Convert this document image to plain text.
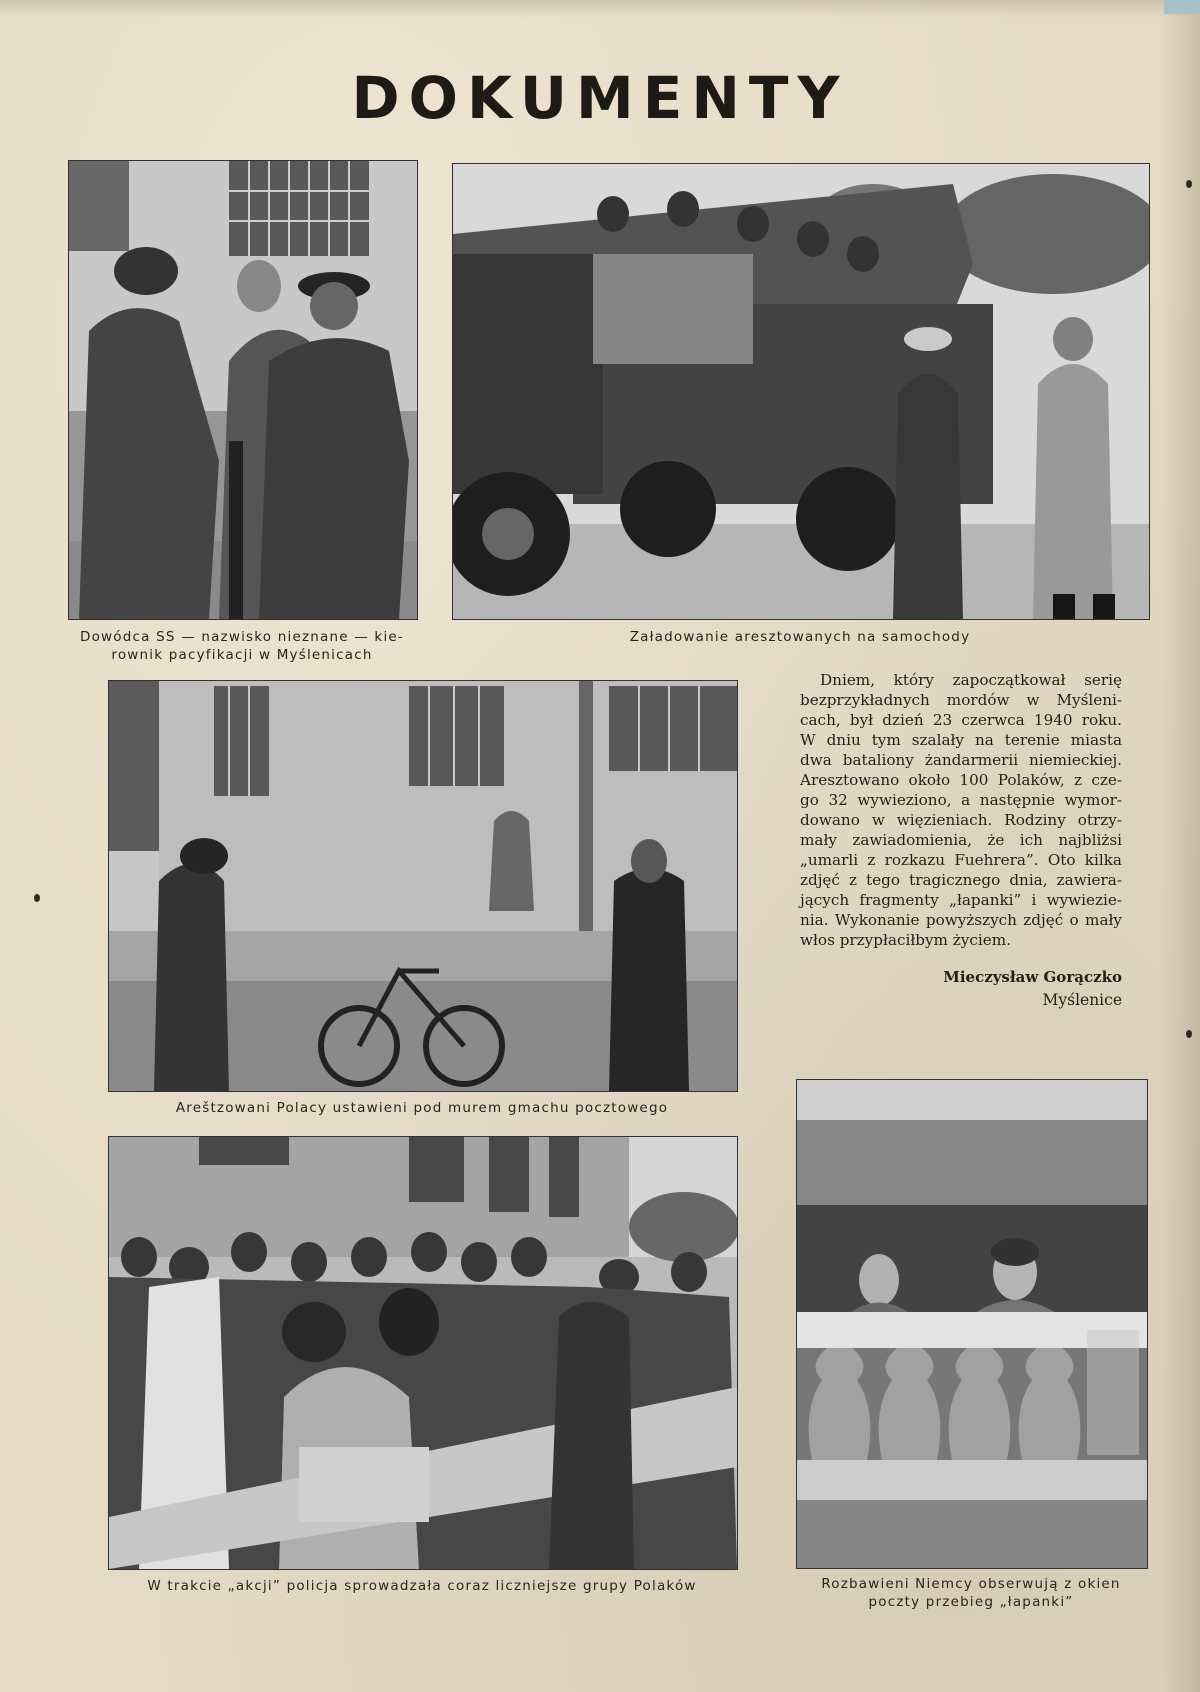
DOKUMENTY
Dowódca SS — nazwisko nieznane — kie-
rownik pacyfikacji w Myślenicach
Załadowanie aresztowanych na samochody
Areštzowani Polacy ustawieni pod murem gmachu pocztowego
Dniem, który zapoczątkował serię
bezprzykładnych mordów w Myśleni-
cach, był dzień 23 czerwca 1940 roku.
W dniu tym szalały na terenie miasta
dwa bataliony żandarmerii niemieckiej.
Aresztowano około 100 Polaków, z cze-
go 32 wywieziono, a następnie wymor-
dowano w więzieniach. Rodziny otrzy-
mały zawiadomienia, że ich najbliżsi
„umarli z rozkazu Fuehrera”. Oto kilka
zdjęć z tego tragicznego dnia, zawiera-
jących fragmenty „łapanki” i wywiezie-
nia. Wykonanie powyższych zdjęć o mały
włos przypłaciłbym życiem.
Mieczysław Gorączko
Myślenice
W trakcie „akcji” policja sprowadzała coraz liczniejsze grupy Polaków	Rozbawieni Niemcy obserwują z okien
poczty przebieg „łapanki”
